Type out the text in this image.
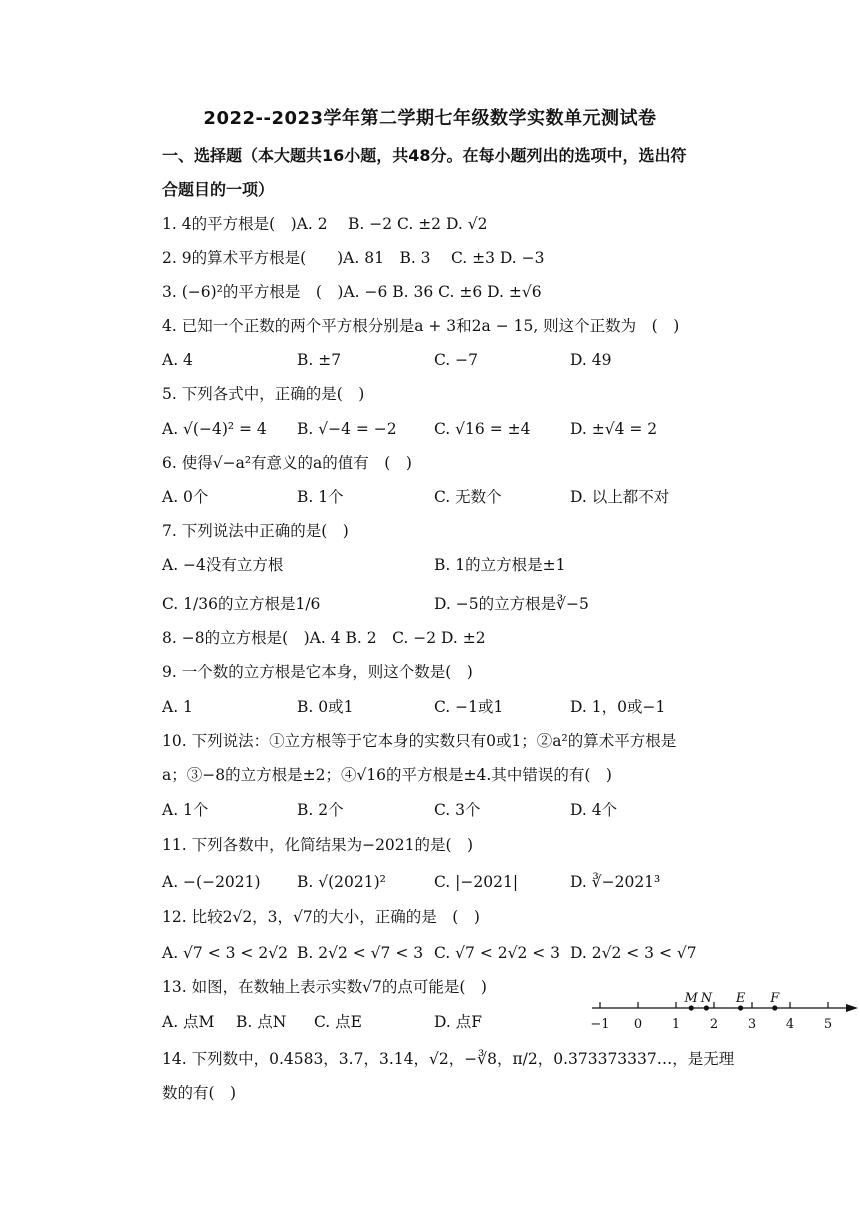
2022--2023学年第二学期七年级数学实数单元测试卷
一、选择题（本大题共16小题，共48分。在每小题列出的选项中，选出符
合题目的一项）
1. 4的平方根是(　)A. 2　 B. −2 C. ±2 D. √2
2. 9的算术平方根是(　　)A. 81　B. 3　 C. ±3 D. −3
3. (−6)²的平方根是　(　)A. −6 B. 36 C. ±6 D. ±√6
4. 已知一个正数的两个平方根分别是a + 3和2a − 15, 则这个正数为　(　)
A. 4	B. ±7	C. −7	D. 49
5. 下列各式中，正确的是(　)
A. √(−4)² = 4 B. √−4 = −2 C. √16 = ±4	D. ±√4 = 2
6. 使得√−a²有意义的a的值有　(　)
A. 0个	B. 1个	C. 无数个	D. 以上都不对
7. 下列说法中正确的是(　)
A. −4没有立方根	B. 1的立方根是±1
C. 1/36的立方根是1/6	D. −5的立方根是∛−5
8. −8的立方根是(　)A. 4 B. 2　C. −2 D. ±2
9. 一个数的立方根是它本身，则这个数是(　)
A. 1	B. 0或1	C. −1或1	D. 1，0或−1
10. 下列说法：①立方根等于它本身的实数只有0或1；②a²的算术平方根是
a；③−8的立方根是±2；④√16的平方根是±4.其中错误的有(　)
A. 1个	B. 2个	C. 3个	D. 4个
11. 下列各数中，化简结果为−2021的是(　)
A. −(−2021) B. √(2021)²	C. |−2021|	D. ∛−2021³
12. 比较2√2，3，√7的大小，正确的是　(　)
A. √7 < 3 < 2√2 B. 2√2 < √7 < 3 C. √7 < 2√2 < 3 D. 2√2 < 3 < √7
13. 如图，在数轴上表示实数√7的点可能是(　)
A. 点M B. 点N C. 点E	D. 点F	−1 0 1 2 3 4 5
M N E F
14. 下列数中，0.4583，3.7，3.14，√2，−∛8，π/2，0.373373337…，是无理
数的有(　)
